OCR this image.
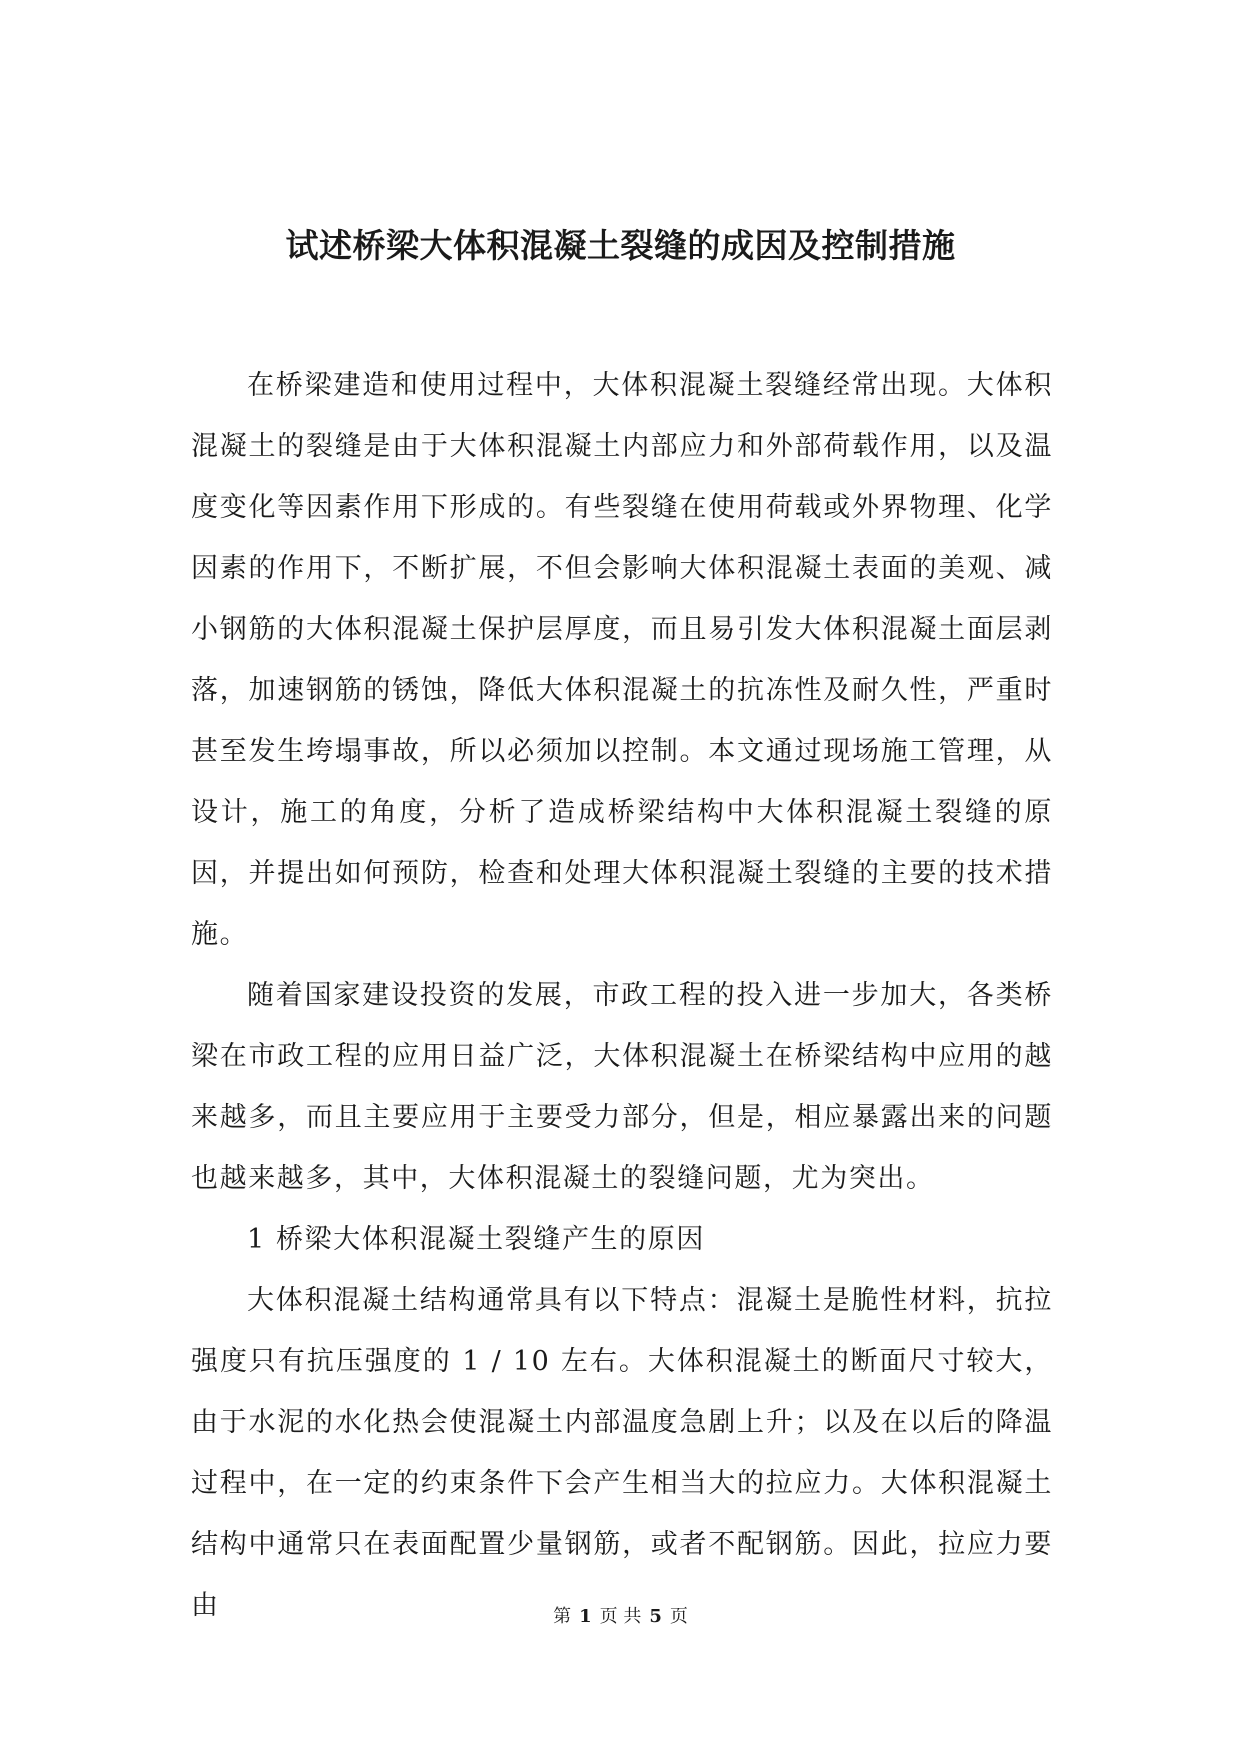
试述桥梁大体积混凝土裂缝的成因及控制措施

在桥梁建造和使用过程中，大体积混凝土裂缝经常出现。大体积混凝土的裂缝是由于大体积混凝土内部应力和外部荷载作用，以及温度变化等因素作用下形成的。有些裂缝在使用荷载或外界物理、化学因素的作用下，不断扩展，不但会影响大体积混凝土表面的美观、减小钢筋的大体积混凝土保护层厚度，而且易引发大体积混凝土面层剥落，加速钢筋的锈蚀，降低大体积混凝土的抗冻性及耐久性，严重时甚至发生垮塌事故，所以必须加以控制。本文通过现场施工管理，从设计，施工的角度，分析了造成桥梁结构中大体积混凝土裂缝的原因，并提出如何预防，检查和处理大体积混凝土裂缝的主要的技术措施。

随着国家建设投资的发展，市政工程的投入进一步加大，各类桥梁在市政工程的应用日益广泛，大体积混凝土在桥梁结构中应用的越来越多，而且主要应用于主要受力部分，但是，相应暴露出来的问题也越来越多，其中，大体积混凝土的裂缝问题，尤为突出。

1 桥梁大体积混凝土裂缝产生的原因

大体积混凝土结构通常具有以下特点：混凝土是脆性材料，抗拉强度只有抗压强度的 1 / 10 左右。大体积混凝土的断面尺寸较大，由于水泥的水化热会使混凝土内部温度急剧上升；以及在以后的降温过程中，在一定的约束条件下会产生相当大的拉应力。大体积混凝土结构中通常只在表面配置少量钢筋，或者不配钢筋。因此，拉应力要由	第 1 页 共 5 页
